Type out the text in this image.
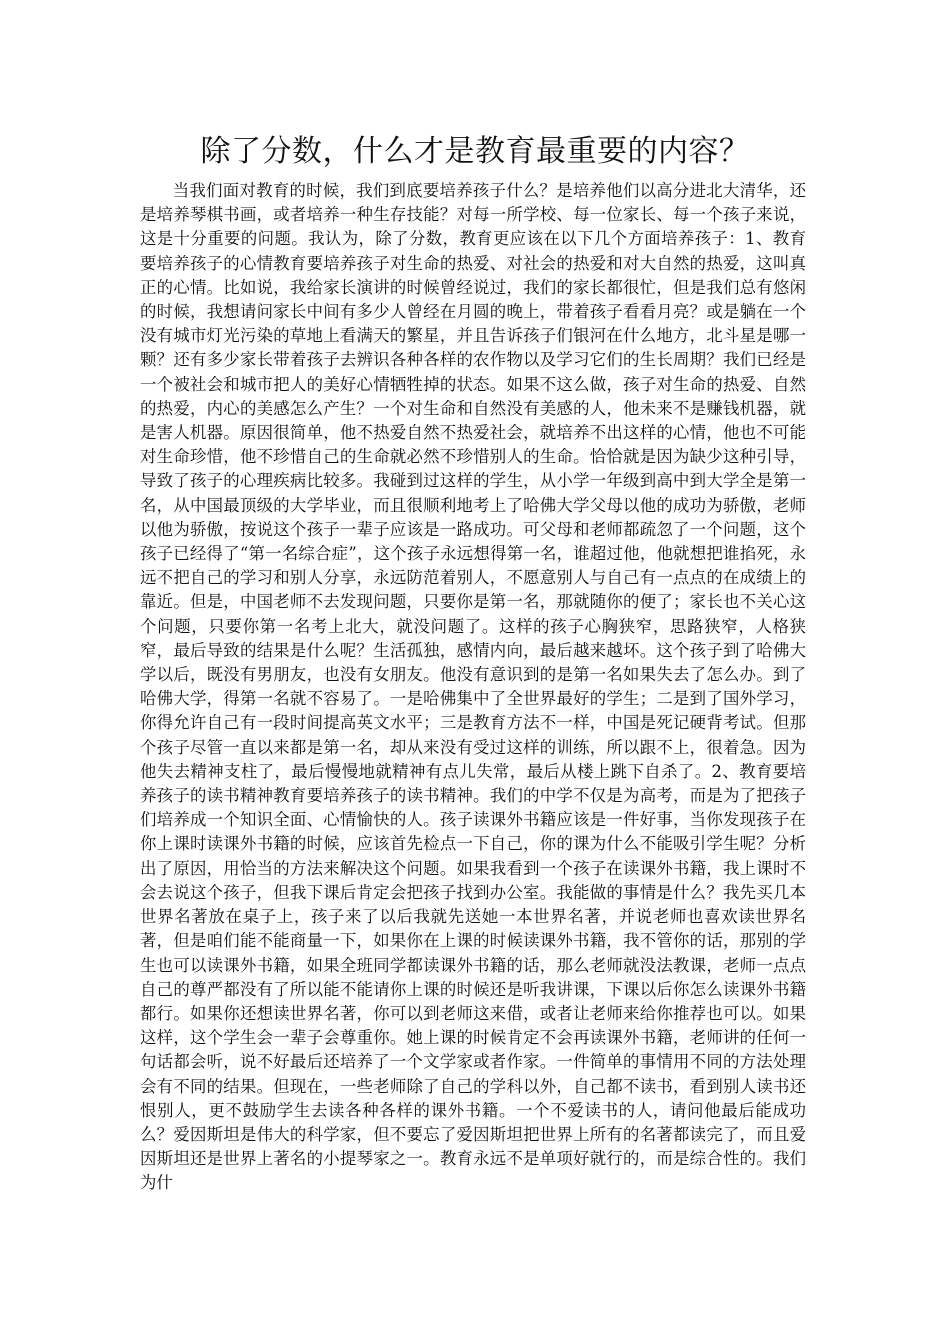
除了分数，什么才是教育最重要的内容？

当我们面对教育的时候，我们到底要培养孩子什么？是培养他们以高分进北大清华，还是培养琴棋书画，或者培养一种生存技能？对每一所学校、每一位家长、每一个孩子来说，这是十分重要的问题。我认为，除了分数，教育更应该在以下几个方面培养孩子：1、教育要培养孩子的心情教育要培养孩子对生命的热爱、对社会的热爱和对大自然的热爱，这叫真正的心情。比如说，我给家长演讲的时候曾经说过，我们的家长都很忙，但是我们总有悠闲的时候，我想请问家长中间有多少人曾经在月圆的晚上，带着孩子看看月亮？或是躺在一个没有城市灯光污染的草地上看满天的繁星，并且告诉孩子们银河在什么地方，北斗星是哪一颗？还有多少家长带着孩子去辨识各种各样的农作物以及学习它们的生长周期？我们已经是一个被社会和城市把人的美好心情牺牲掉的状态。如果不这么做，孩子对生命的热爱、自然的热爱，内心的美感怎么产生？一个对生命和自然没有美感的人，他未来不是赚钱机器，就是害人机器。原因很简单，他不热爱自然不热爱社会，就培养不出这样的心情，他也不可能对生命珍惜，他不珍惜自己的生命就必然不珍惜别人的生命。恰恰就是因为缺少这种引导，导致了孩子的心理疾病比较多。我碰到过这样的学生，从小学一年级到高中到大学全是第一名，从中国最顶级的大学毕业，而且很顺利地考上了哈佛大学父母以他的成功为骄傲，老师以他为骄傲，按说这个孩子一辈子应该是一路成功。可父母和老师都疏忽了一个问题，这个孩子已经得了“第一名综合症”，这个孩子永远想得第一名，谁超过他，他就想把谁掐死，永远不把自己的学习和别人分享，永远防范着别人，不愿意别人与自己有一点点的在成绩上的靠近。但是，中国老师不去发现问题，只要你是第一名，那就随你的便了；家长也不关心这个问题，只要你第一名考上北大，就没问题了。这样的孩子心胸狭窄，思路狭窄，人格狭窄，最后导致的结果是什么呢？生活孤独，感情内向，最后越来越坏。这个孩子到了哈佛大学以后，既没有男朋友，也没有女朋友。他没有意识到的是第一名如果失去了怎么办。到了哈佛大学，得第一名就不容易了。一是哈佛集中了全世界最好的学生；二是到了国外学习，你得允许自己有一段时间提高英文水平；三是教育方法不一样，中国是死记硬背考试。但那个孩子尽管一直以来都是第一名，却从来没有受过这样的训练，所以跟不上，很着急。因为他失去精神支柱了，最后慢慢地就精神有点儿失常，最后从楼上跳下自杀了。2、教育要培养孩子的读书精神教育要培养孩子的读书精神。我们的中学不仅是为高考，而是为了把孩子们培养成一个知识全面、心情愉快的人。孩子读课外书籍应该是一件好事，当你发现孩子在你上课时读课外书籍的时候，应该首先检点一下自己，你的课为什么不能吸引学生呢？分析出了原因，用恰当的方法来解决这个问题。如果我看到一个孩子在读课外书籍，我上课时不会去说这个孩子，但我下课后肯定会把孩子找到办公室。我能做的事情是什么？我先买几本世界名著放在桌子上，孩子来了以后我就先送她一本世界名著，并说老师也喜欢读世界名著，但是咱们能不能商量一下，如果你在上课的时候读课外书籍，我不管你的话，那别的学生也可以读课外书籍，如果全班同学都读课外书籍的话，那么老师就没法教课，老师一点点自己的尊严都没有了所以能不能请你上课的时候还是听我讲课，下课以后你怎么读课外书籍都行。如果你还想读世界名著，你可以到老师这来借，或者让老师来给你推荐也可以。如果这样，这个学生会一辈子会尊重你。她上课的时候肯定不会再读课外书籍，老师讲的任何一句话都会听，说不好最后还培养了一个文学家或者作家。一件简单的事情用不同的方法处理会有不同的结果。但现在，一些老师除了自己的学科以外，自己都不读书，看到别人读书还恨别人，更不鼓励学生去读各种各样的课外书籍。一个不爱读书的人，请问他最后能成功么？爱因斯坦是伟大的科学家，但不要忘了爱因斯坦把世界上所有的名著都读完了，而且爱因斯坦还是世界上著名的小提琴家之一。教育永远不是单项好就行的，而是综合性的。我们为什
